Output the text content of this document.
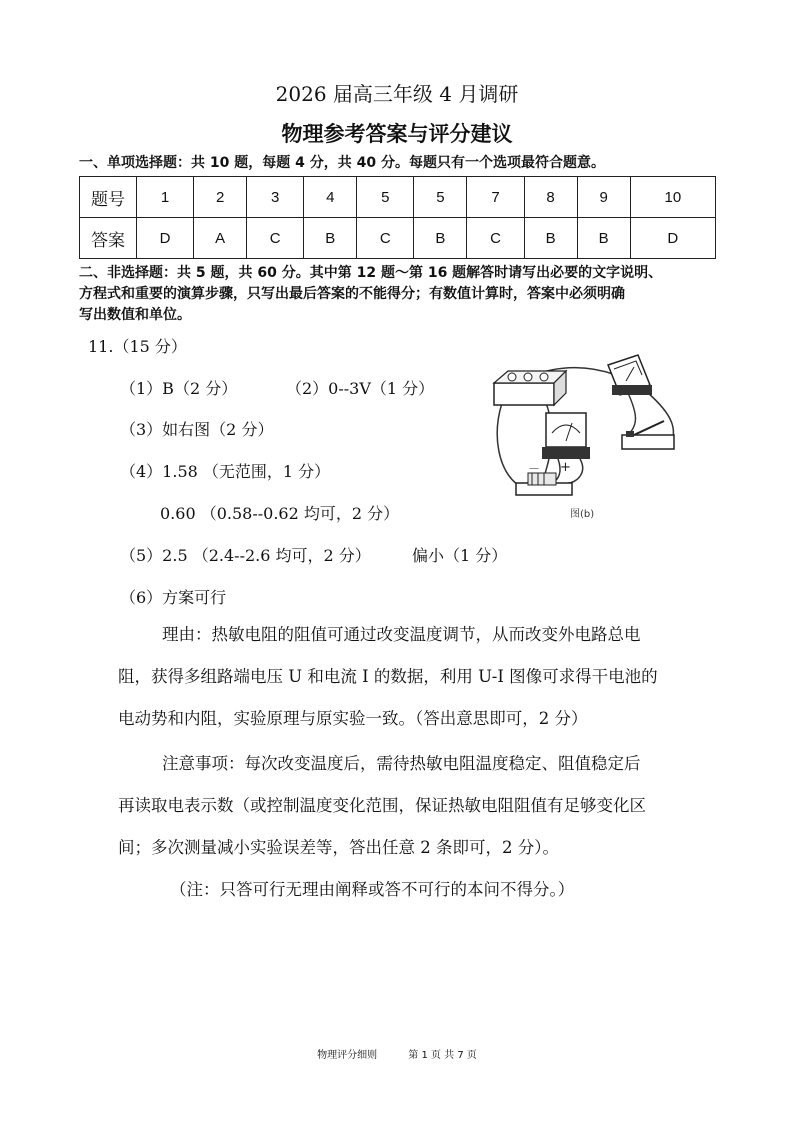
2026 届高三年级 4 月调研
物理参考答案与评分建议
一、单项选择题：共 10 题，每题 4 分，共 40 分。每题只有一个选项最符合题意。
题号	1	2	3	4	5	5	7	8	9	10
答案	D	A	C	B	C	B	C	B	B	D
二、非选择题：共 5 题，共 60 分。其中第 12 题～第 16 题解答时请写出必要的文字说明、
方程式和重要的演算步骤，只写出最后答案的不能得分；有数值计算时，答案中必须明确
写出数值和单位。
11.（15 分）
（1）B（2 分）	（2）0--3V（1 分）
（3）如右图（2 分）
（4）1.58 （无范围，1 分）
0.60 （0.58--0.62 均可，2 分）
（5）2.5 （2.4--2.6 均可，2 分）	偏小（1 分）
（6）方案可行
理由：热敏电阻的阻值可通过改变温度调节，从而改变外电路总电
阻，获得多组路端电压 U 和电流 I 的数据，利用 U-I 图像可求得干电池的
电动势和内阻，实验原理与原实验一致。（答出意思即可，2 分）
注意事项：每次改变温度后，需待热敏电阻温度稳定、阻值稳定后
再读取电表示数（或控制温度变化范围，保证热敏电阻阻值有足够变化区
间；多次测量减小实验误差等，答出任意 2 条即可，2 分）。
（注：只答可行无理由阐释或答不可行的本问不得分。）
－ +
图(b)
物理评分细则	第 1 页 共 7 页
